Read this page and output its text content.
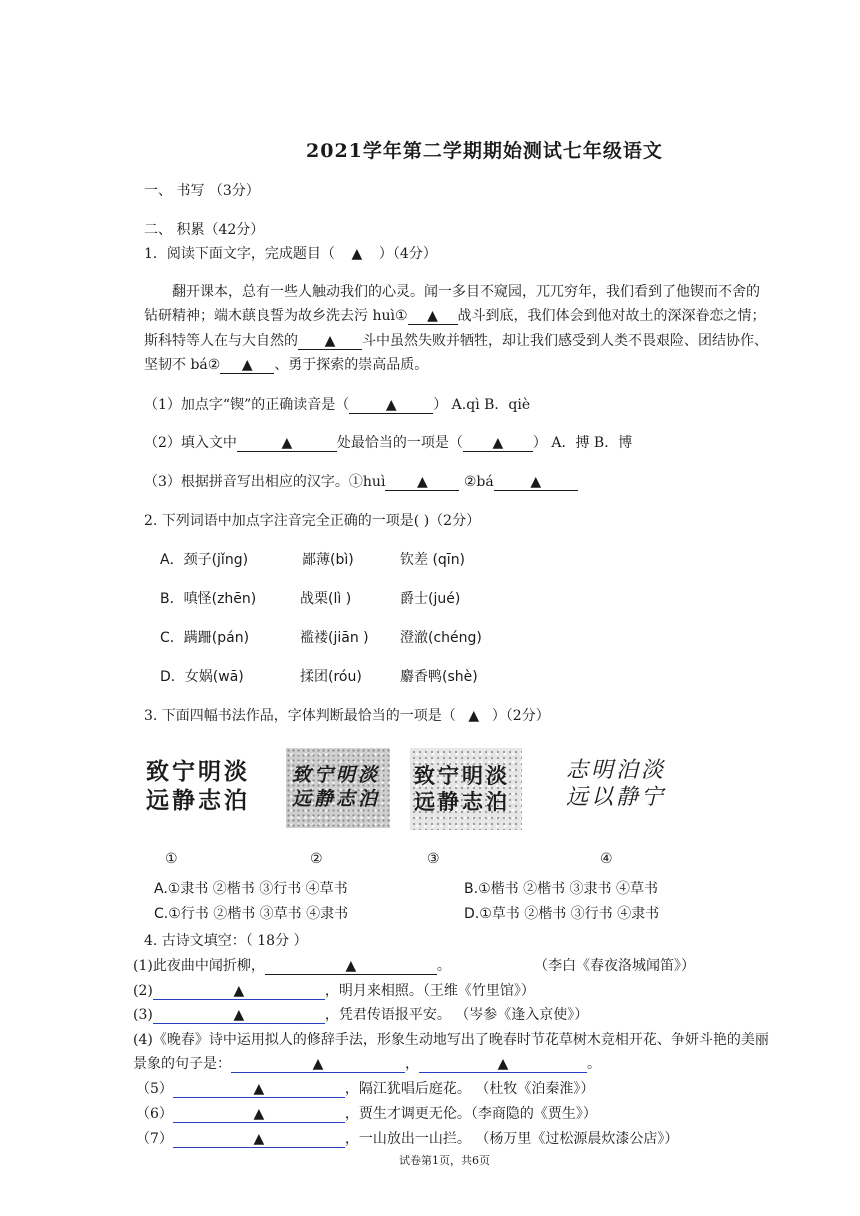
2021学年第二学期期始测试七年级语文
一、 书写 （3分）
二、 积累（42分）
1．阅读下面文字，完成题目（ ▲ ）（4分）
翻开课本，总有一些人触动我们的心灵。闻一多目不窥园，兀兀穷年，我们看到了他锲而不舍的
钻研精神；端木蕻良誓为故乡洗去污 huì① ▲ 战斗到底，我们体会到他对故土的深深眷恋之情；
斯科特等人在与大自然的 ▲ 斗中虽然失败并牺牲，却让我们感受到人类不畏艰险、团结协作、
坚韧不 bá② ▲ 、勇于探索的崇高品质。
（1）加点字“锲”的正确读音是（	▲	） A.qì B．qiè
（2）填入文中	▲	处最恰当的一项是（ ▲ ） A．搏 B．博
（3）根据拼音写出相应的汉字。①huì ▲ ②bá	▲
2. 下列词语中加点字注音完全正确的一项是( )（2分）
A．颈子(jǐng)	鄙薄(bì)	钦差 (qīn)
B．嗔怪(zhēn)	战栗(lì )	爵士(jué)
C．蹒跚(pán)	褴褛(jiān ) 澄澈(chéng)
D．女娲(wā)	揉团(róu)	麝香鸭(shè)
3. 下面四幅书法作品，字体判断最恰当的一项是（ ▲ ）（2分）
致宁明淡
远静志泊
致宁明淡
远静志泊
致宁明淡
远静志泊
志明泊淡
远以静宁
①	②	③	④
A.①隶书 ②楷书 ③行书 ④草书	B.①楷书 ②楷书 ③隶书 ④草书
C.①行书 ②楷书 ③草书 ④隶书	D.①草书 ②楷书 ③行书 ④隶书
4. 古诗文填空：（ 18分 ）
(1)此夜曲中闻折柳，	▲	。	（李白《春夜洛城闻笛》）
(2)	▲	，明月来相照。（王维《竹里馆》）
(3)	▲	，凭君传语报平安。 （岑参《逢入京使》）
(4)《晚春》诗中运用拟人的修辞手法，形象生动地写出了晚春时节花草树木竞相开花、争妍斗艳的美丽
景象的句子是：	▲	，	▲	。
（5）	▲	，隔江犹唱后庭花。 （杜牧《泊秦淮》）
（6）	▲	，贾生才调更无伦。（李商隐的《贾生》）
（7）	▲	，一山放出一山拦。 （杨万里《过松源晨炊漆公店》）
试卷第1页，共6页
